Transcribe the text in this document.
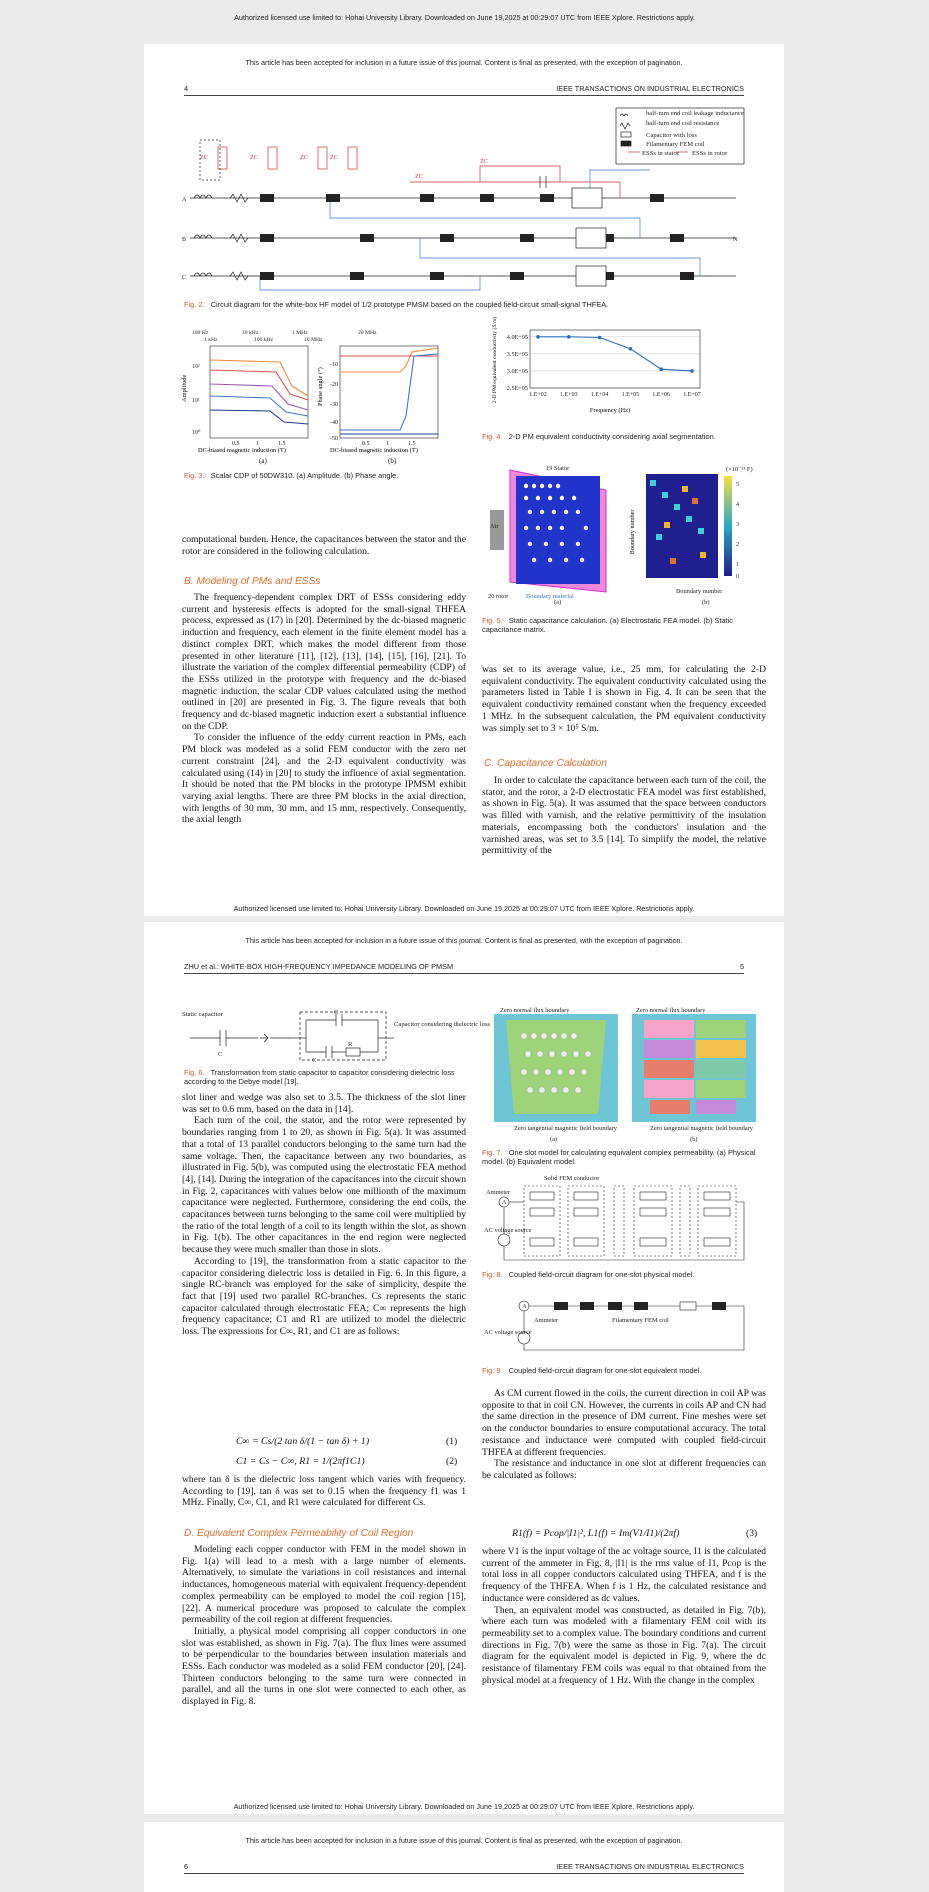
Authorized licensed use limited to: Hohai University Library. Downloaded on June 19,2025 at 00:29:07 UTC from IEEE Xplore. Restrictions apply.
This article has been accepted for inclusion in a future issue of this journal. Content is final as presented, with the exception of pagination.
4	IEEE TRANSACTIONS ON INDUSTRIAL ELECTRONICS
A
B
C
N
ZC	ZC	ZC	ZC
ZC
ZC
half-turn end coil leakage inductance
half-turn end coil resistance
Capacitor with loss
Filamentary FEM coil
ESSs in stator ESSs in rotor
Fig. 2. Circuit diagram for the white-box HF model of 1/2 prototype PMSM based on the coupled field-circuit small-signal THFEA.
100 Hz	10 kHz	1 MHz	20 MHz
1 kHz	100 kHz	10 MHz
10²
10¹
10⁰
-10
-20
-30
-40
-50
0.5	1	1.5	0.5	1	1.5
Amplitude	Phase angle (°)
DC-biased magnetic induction (T)	DC-biased magnetic induction (T)
(a)	(b)
Fig. 3. Scalar CDP of 50DW310. (a) Amplitude. (b) Phase angle.
4.0E+05
3.5E+05
3.0E+05
2.5E+05
1.E+02 1.E+03 1.E+04 1.E+05 1.E+06 1.E+07
Frequency (Hz)
2-D PM equivalent conductivity (S/m)
Fig. 4. 2-D PM equivalent conductivity considering axial segmentation.
19 Stator
Air
20 rotor	Boundary material
(a)	(b)
Boundary number
(×10⁻¹¹ F)
Boundary number
5
4
3
2
1
0
Fig. 5. Static capacitance calculation. (a) Electrostatic FEA model. (b) Static capacitance matrix.

computational burden. Hence, the capacitances between the stator and the rotor are considered in the following calculation.

B. Modeling of PMs and ESSs

The frequency-dependent complex DRT of ESSs considering eddy current and hysteresis effects is adopted for the small-signal THFEA process, expressed as (17) in [20]. Determined by the dc-biased magnetic induction and frequency, each element in the finite element model has a distinct complex DRT, which makes the model different from those presented in other literature [11], [12], [13], [14], [15], [16], [21]. To illustrate the variation of the complex differential permeability (CDP) of the ESSs utilized in the prototype with frequency and the dc-biased magnetic induction, the scalar CDP values calculated using the method outlined in [20] are presented in Fig. 3. The figure reveals that both frequency and dc-biased magnetic induction exert a substantial influence on the CDP.

To consider the influence of the eddy current reaction in PMs, each PM block was modeled as a solid FEM conductor with the zero net current constraint [24], and the 2-D equivalent conductivity was calculated using (14) in [20] to study the influence of axial segmentation. It should be noted that the PM blocks in the prototype IPMSM exhibit varying axial lengths. There are three PM blocks in the axial direction, with lengths of 30 mm, 30 mm, and 15 mm, respectively. Consequently, the axial length

was set to its average value, i.e., 25 mm, for calculating the 2-D equivalent conductivity. The equivalent conductivity calculated using the parameters listed in Table I is shown in Fig. 4. It can be seen that the equivalent conductivity remained constant when the frequency exceeded 1 MHz. In the subsequent calculation, the PM equivalent conductivity was simply set to 3 × 10⁵ S/m.

C. Capacitance Calculation

In order to calculate the capacitance between each turn of the coil, the stator, and the rotor, a 2-D electrostatic FEA model was first established, as shown in Fig. 5(a). It was assumed that the space between conductors was filled with varnish, and the relative permittivity of the insulation materials, encompassing both the conductors' insulation and the varnished areas, was set to 3.5 [14]. To simplify the model, the relative permittivity of the

Authorized licensed use limited to: Hohai University Library. Downloaded on June 19,2025 at 00:29:07 UTC from IEEE Xplore. Restrictions apply.
This article has been accepted for inclusion in a future issue of this journal. Content is final as presented, with the exception of pagination.
ZHU et al.: WHITE-BOX HIGH-FREQUENCY IMPEDANCE MODELING OF PMSM	5
Static capacitor
C
C
C
R
Capacitor considering dielectric loss
Fig. 6. Transformation from static capacitor to capacitor considering dielectric loss according to the Debye model [19].
Zero normal flux boundary	Zero normal flux boundary
Zero tangential magnetic field boundary	Zero tangential magnetic field boundary
(a)	(b)
Fig. 7. One slot model for calculating equivalent complex permeability. (a) Physical model. (b) Equivalent model.
Solid FEM conductor
Ammeter
AC voltage source
A
Fig. 8. Coupled field-circuit diagram for one-slot physical model.
A
AC voltage source
Ammeter	Filamentary FEM coil
Fig. 9. Coupled field-circuit diagram for one-slot equivalent model.

slot liner and wedge was also set to 3.5. The thickness of the slot liner was set to 0.6 mm, based on the data in [14].

Each turn of the coil, the stator, and the rotor were represented by boundaries ranging from 1 to 20, as shown in Fig. 5(a). It was assumed that a total of 13 parallel conductors belonging to the same turn had the same voltage. Then, the capacitance between any two boundaries, as illustrated in Fig. 5(b), was computed using the electrostatic FEA method [4], [14]. During the integration of the capacitances into the circuit shown in Fig. 2, capacitances with values below one millionth of the maximum capacitance were neglected. Furthermore, considering the end coils, the capacitances between turns belonging to the same coil were multiplied by the ratio of the total length of a coil to its length within the slot, as shown in Fig. 1(b). The other capacitances in the end region were neglected because they were much smaller than those in slots.

According to [19], the transformation from a static capacitor to the capacitor considering dielectric loss is detailed in Fig. 6. In this figure, a single RC-branch was employed for the sake of simplicity, despite the fact that [19] used two parallel RC-branches. Cs represents the static capacitor calculated through electrostatic FEA; C∞ represents the high frequency capacitance; C1 and R1 are utilized to model the dielectric loss. The expressions for C∞, R1, and C1 are as follows:

C∞ = Cs/(2 tan δ/(1 − tan δ) + 1)	(1)
C1 = Cs − C∞, R1 = 1/(2πf1C1)	(2)

where tan δ is the dielectric loss tangent which varies with frequency. According to [19], tan δ was set to 0.15 when the frequency f1 was 1 MHz. Finally, C∞, C1, and R1 were calculated for different Cs.

D. Equivalent Complex Permeability of Coil Region

Modeling each copper conductor with FEM in the model shown in Fig. 1(a) will lead to a mesh with a large number of elements. Alternatively, to simulate the variations in coil resistances and internal inductances, homogeneous material with equivalent frequency-dependent complex permeability can be employed to model the coil region [15], [22]. A numerical procedure was proposed to calculate the complex permeability of the coil region at different frequencies.

Initially, a physical model comprising all copper conductors in one slot was established, as shown in Fig. 7(a). The flux lines were assumed to be perpendicular to the boundaries between insulation materials and ESSs. Each conductor was modeled as a solid FEM conductor [20], [24]. Thirteen conductors belonging to the same turn were connected in parallel, and all the turns in one slot were connected to each other, as displayed in Fig. 8.

As CM current flowed in the coils, the current direction in coil AP was opposite to that in coil CN. However, the currents in coils AP and CN had the same direction in the presence of DM current. Fine meshes were set on the conductor boundaries to ensure computational accuracy. The total resistance and inductance were computed with coupled field-circuit THFEA at different frequencies.

The resistance and inductance in one slot at different frequencies can be calculated as follows:

R1(f) = Pcop/|I1|², L1(f) = Im(V1/I1)/(2πf)	(3)

where V1 is the input voltage of the ac voltage source, I1 is the calculated current of the ammeter in Fig. 8, |I1| is the rms value of I1, Pcop is the total loss in all copper conductors calculated using THFEA, and f is the frequency of the THFEA. When f is 1 Hz, the calculated resistance and inductance were considered as dc values.

Then, an equivalent model was constructed, as detailed in Fig. 7(b), where each turn was modeled with a filamentary FEM coil with its permeability set to a complex value. The boundary conditions and current directions in Fig. 7(b) were the same as those in Fig. 7(a). The circuit diagram for the equivalent model is depicted in Fig. 9, where the dc resistance of filamentary FEM coils was equal to that obtained from the physical model at a frequency of 1 Hz. With the change in the complex

Authorized licensed use limited to: Hohai University Library. Downloaded on June 19,2025 at 00:29:07 UTC from IEEE Xplore. Restrictions apply.
This article has been accepted for inclusion in a future issue of this journal. Content is final as presented, with the exception of pagination.
6	IEEE TRANSACTIONS ON INDUSTRIAL ELECTRONICS
